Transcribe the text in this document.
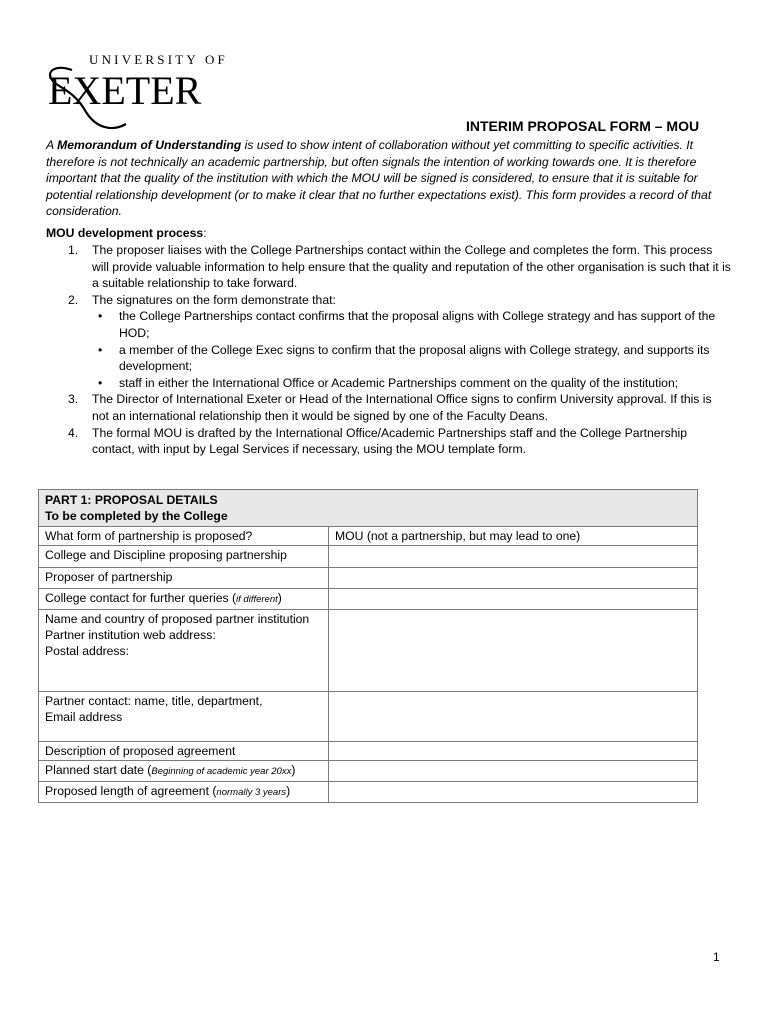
UNIVERSITY OF
EXETER
INTERIM PROPOSAL FORM – MOU
A Memorandum of Understanding is used to show intent of collaboration without yet committing to specific activities. It therefore is not technically an academic partnership, but often signals the intention of working towards one. It is therefore important that the quality of the institution with which the MOU will be signed is considered, to ensure that it is suitable for potential relationship development (or to make it clear that no further expectations exist). This form provides a record of that consideration.
MOU development process:
1. The proposer liaises with the College Partnerships contact within the College and completes the form. This process will provide valuable information to help ensure that the quality and reputation of the other organisation is such that it is a suitable relationship to take forward.
2. The signatures on the form demonstrate that:
• the College Partnerships contact confirms that the proposal aligns with College strategy and has support of the HOD;
• a member of the College Exec signs to confirm that the proposal aligns with College strategy, and supports its development;
• staff in either the International Office or Academic Partnerships comment on the quality of the institution;
3. The Director of International Exeter or Head of the International Office signs to confirm University approval. If this is not an international relationship then it would be signed by one of the Faculty Deans.
4. The formal MOU is drafted by the International Office/Academic Partnerships staff and the College Partnership contact, with input by Legal Services if necessary, using the MOU template form.
PART 1: PROPOSAL DETAILS
To be completed by the College	

What form of partnership is proposed?	MOU (not a partnership, but may lead to one)
College and Discipline proposing partnership	
Proposer of partnership	
College contact for further queries (if different)	

Name and country of proposed partner institution
Partner institution web address:
Postal address:	

Partner contact: name, title, department,
Email address	

Description of proposed agreement	
Planned start date (Beginning of academic year 20xx)	
Proposed length of agreement (normally 3 years)	
1
